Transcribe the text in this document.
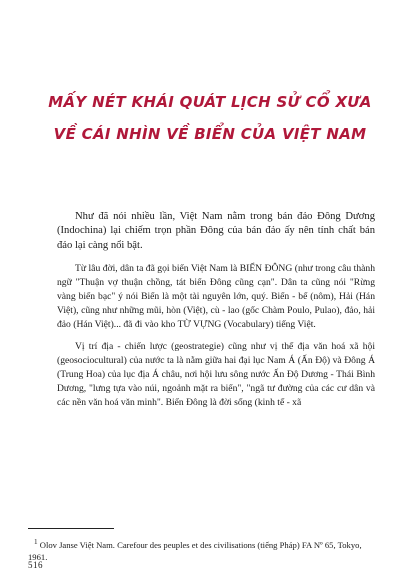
MẤY NÉT KHÁI QUÁT LỊCH SỬ CỔ XƯA
VỀ CÁI NHÌN VỀ BIỂN CỦA VIỆT NAM

Như đã nói nhiều lần, Việt Nam nằm trong bán đảo Đông Dương (Indochina) lại chiếm trọn phần Đông của bán đảo ấy nên tính chất bán đảo lại càng nổi bật.

Từ lâu đời, dân ta đã gọi biển Việt Nam là BIỂN ĐÔNG (như trong câu thành ngữ "Thuận vợ thuận chồng, tát biển Đông cũng cạn". Dân ta cũng nói "Rừng vàng biển bạc" ý nói Biển là một tài nguyên lớn, quý. Biển - bể (nôm), Hải (Hán Việt), cũng như những mũi, hòn (Việt), cù - lao (gốc Chàm Poulo, Pulao), đảo, hải đảo (Hán Việt)... đã đi vào kho TỪ VỰNG (Vocabulary) tiếng Việt.

Vị trí địa - chiến lược (geostrategie) cũng như vị thế địa văn hoá xã hội (geosociocultural) của nước ta là nằm giữa hai đại lục Nam Á (Ấn Độ) và Đông Á (Trung Hoa) của lục địa Á châu, nơi hội lưu sông nước Ấn Độ Dương - Thái Bình Dương, "lưng tựa vào núi, ngoảnh mặt ra biển", "ngã tư đường của các cư dân và các nền văn hoá văn minh". Biển Đông là đời sống (kinh tế - xã

$^1$ Olov Janse Việt Nam. Carefour des peuples et des civilisations (tiếng Pháp) FA Nº 65, Tokyo, 1961.
516
